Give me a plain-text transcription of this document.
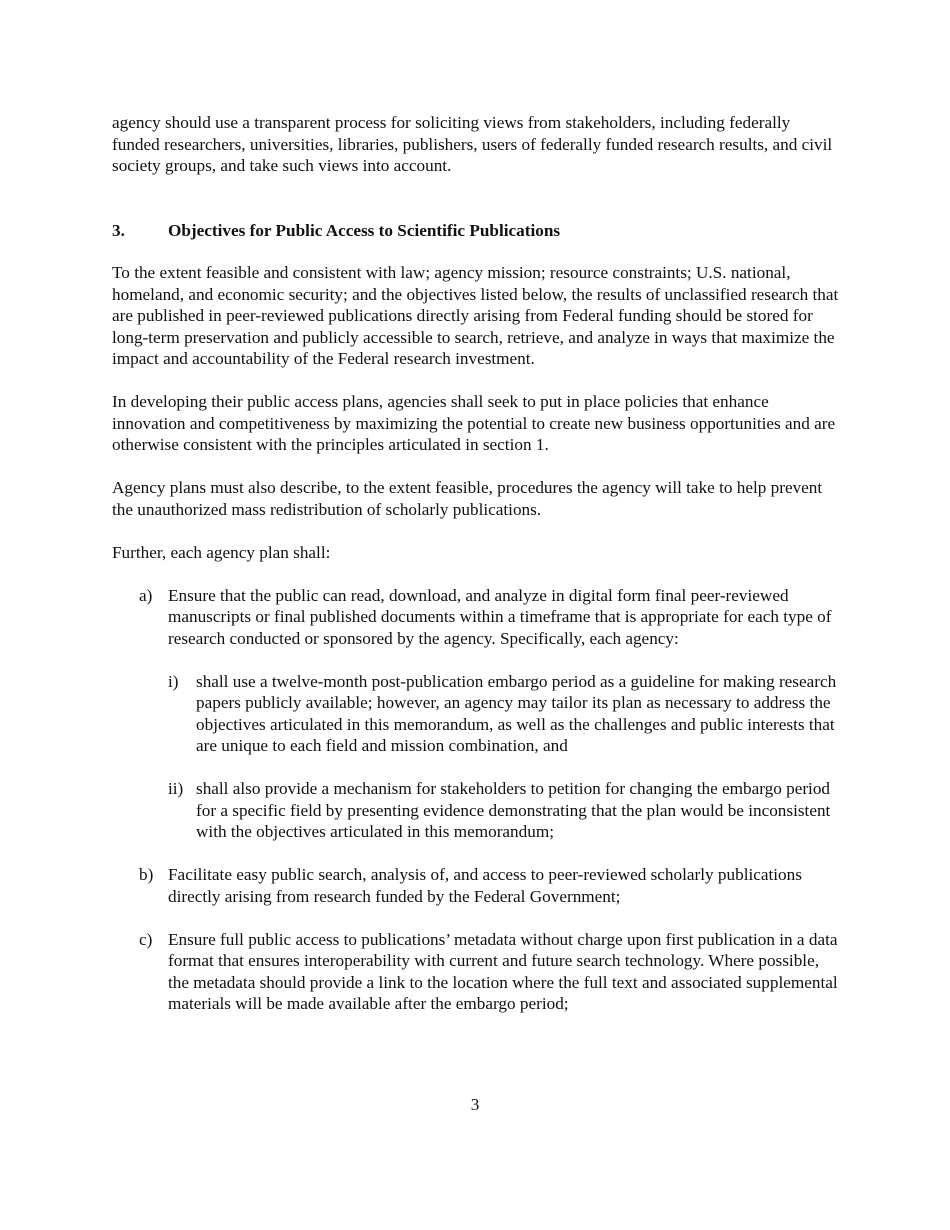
agency should use a transparent process for soliciting views from stakeholders, including federally funded researchers, universities, libraries, publishers, users of federally funded research results, and civil society groups, and take such views into account.

3.	Objectives for Public Access to Scientific Publications

To the extent feasible and consistent with law; agency mission; resource constraints; U.S. national, homeland, and economic security; and the objectives listed below, the results of unclassified research that are published in peer-reviewed publications directly arising from Federal funding should be stored for long-term preservation and publicly accessible to search, retrieve, and analyze in ways that maximize the impact and accountability of the Federal research investment.

In developing their public access plans, agencies shall seek to put in place policies that enhance innovation and competitiveness by maximizing the potential to create new business opportunities and are otherwise consistent with the principles articulated in section 1.

Agency plans must also describe, to the extent feasible, procedures the agency will take to help prevent the unauthorized mass redistribution of scholarly publications.

Further, each agency plan shall:

a) Ensure that the public can read, download, and analyze in digital form final peer-reviewed manuscripts or final published documents within a timeframe that is appropriate for each type of research conducted or sponsored by the agency. Specifically, each agency:
i)	shall use a twelve-month post-publication embargo period as a guideline for making research papers publicly available; however, an agency may tailor its plan as necessary to address the objectives articulated in this memorandum, as well as the challenges and public interests that are unique to each field and mission combination, and
ii) shall also provide a mechanism for stakeholders to petition for changing the embargo period for a specific field by presenting evidence demonstrating that the plan would be inconsistent with the objectives articulated in this memorandum;
b) Facilitate easy public search, analysis of, and access to peer-reviewed scholarly publications directly arising from research funded by the Federal Government;
c) Ensure full public access to publications’ metadata without charge upon first publication in a data format that ensures interoperability with current and future search technology. Where possible, the metadata should provide a link to the location where the full text and associated supplemental materials will be made available after the embargo period;
3
